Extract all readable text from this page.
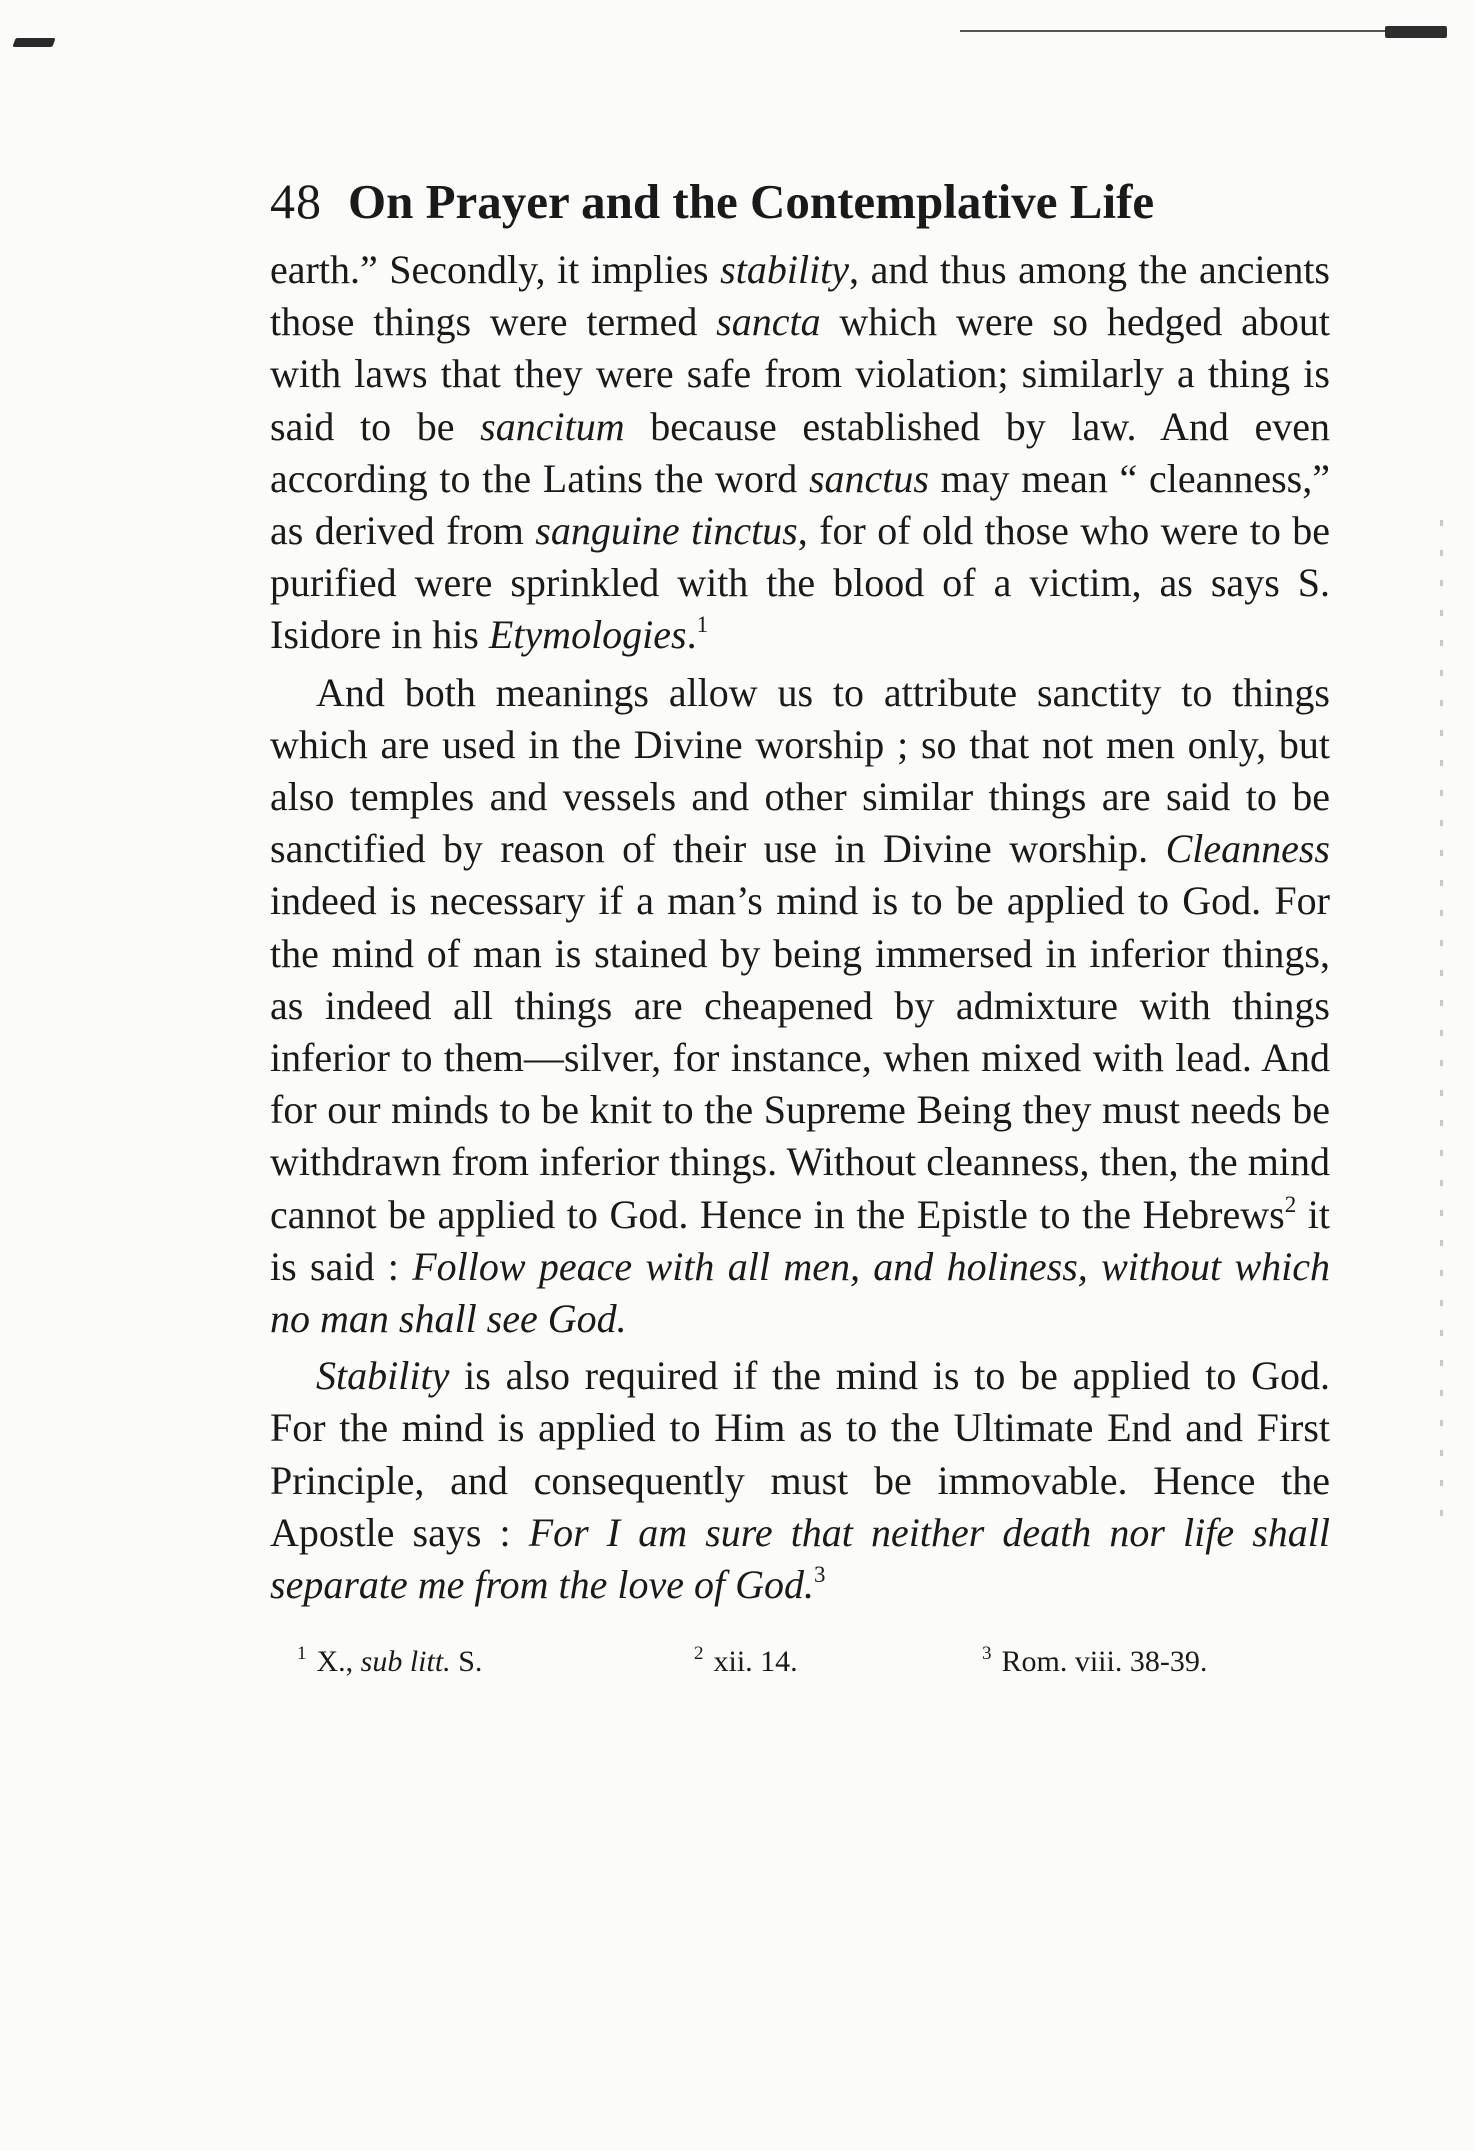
48 On Prayer and the Contemplative Life

earth.” Secondly, it implies stability, and thus among the ancients those things were termed sancta which were so hedged about with laws that they were safe from violation; similarly a thing is said to be sancitum because established by law. And even according to the Latins the word sanctus may mean “ cleanness,” as derived from sanguine tinctus, for of old those who were to be purified were sprinkled with the blood of a victim, as says S. Isidore in his Etymologies.$^1$

And both meanings allow us to attribute sanctity to things which are used in the Divine worship ; so that not men only, but also temples and vessels and other similar things are said to be sanctified by reason of their use in Divine worship. Cleanness indeed is necessary if a man’s mind is to be applied to God. For the mind of man is stained by being immersed in inferior things, as indeed all things are cheapened by admixture with things inferior to them—silver, for instance, when mixed with lead. And for our minds to be knit to the Supreme Being they must needs be withdrawn from inferior things. Without cleanness, then, the mind cannot be applied to God. Hence in the Epistle to the Hebrews$^2$ it is said : Follow peace with all men, and holiness, without which no man shall see God.

Stability is also required if the mind is to be applied to God. For the mind is applied to Him as to the Ultimate End and First Principle, and consequently must be immovable. Hence the Apostle says : For I am sure that neither death nor life shall separate me from the love of God.$^3$

$^1$ X., sub litt. S.	$^2$ xii. 14.	$^3$ Rom. viii. 38-39.
